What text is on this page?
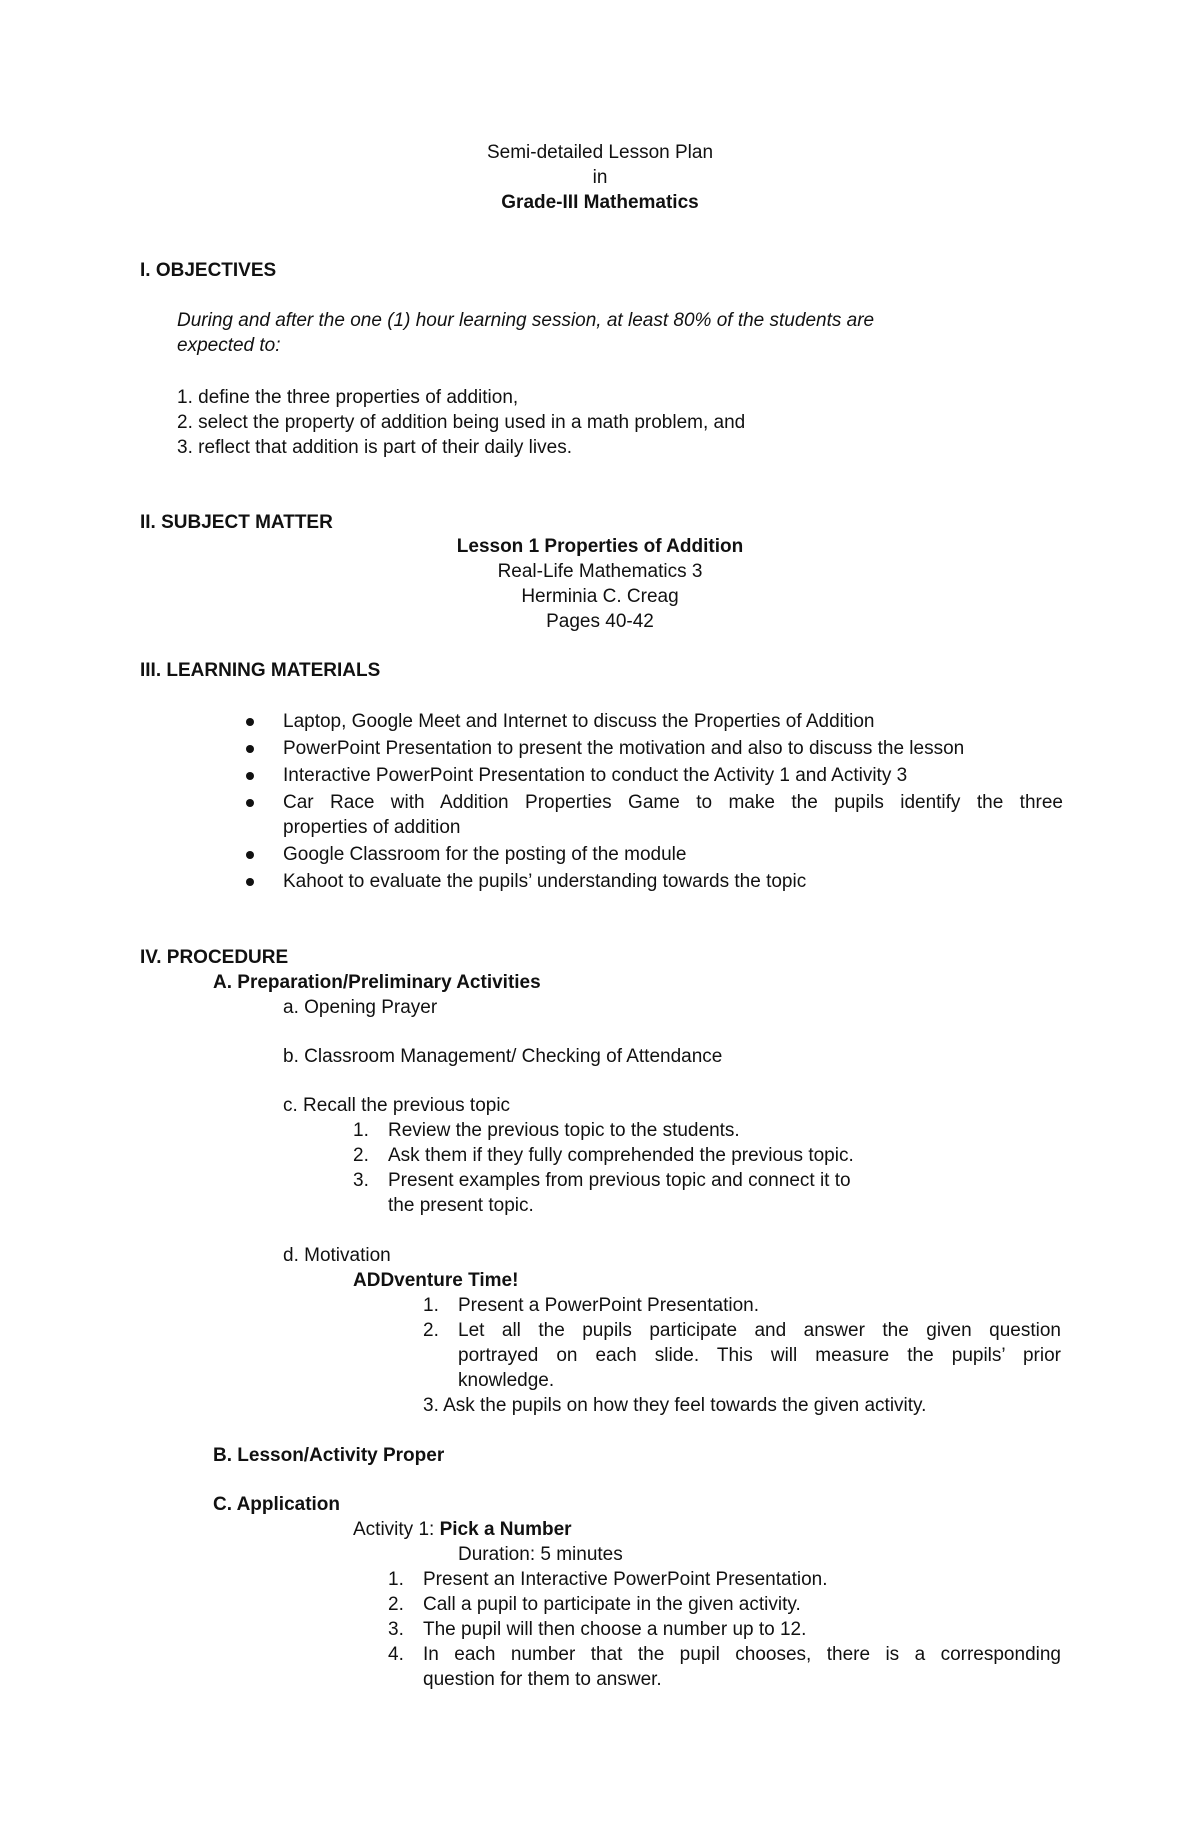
Semi-detailed Lesson Plan
in
Grade-III Mathematics
I. OBJECTIVES
During and after the one (1) hour learning session, at least 80% of the students are
expected to:
1. define the three properties of addition,
2. select the property of addition being used in a math problem, and
3. reflect that addition is part of their daily lives.
II. SUBJECT MATTER
Lesson 1 Properties of Addition
Real-Life Mathematics 3
Herminia C. Creag
Pages 40-42
III. LEARNING MATERIALS
Laptop, Google Meet and Internet to discuss the Properties of Addition
PowerPoint Presentation to present the motivation and also to discuss the lesson
Interactive PowerPoint Presentation to conduct the Activity 1 and Activity 3
Car Race with Addition Properties Game to make the pupils identify the three
properties of addition
Google Classroom for the posting of the module
Kahoot to evaluate the pupils’ understanding towards the topic
IV. PROCEDURE
A. Preparation/Preliminary Activities
a. Opening Prayer
b. Classroom Management/ Checking of Attendance
c. Recall the previous topic
1. Review the previous topic to the students.
2. Ask them if they fully comprehended the previous topic.
3. Present examples from previous topic and connect it to
the present topic.
d. Motivation
ADDventure Time!
1. Present a PowerPoint Presentation.
2. Let all the pupils participate and answer the given question
portrayed on each slide. This will measure the pupils’ prior
knowledge.
3. Ask the pupils on how they feel towards the given activity.
B. Lesson/Activity Proper
C. Application
Activity 1: Pick a Number
Duration: 5 minutes
1. Present an Interactive PowerPoint Presentation.
2. Call a pupil to participate in the given activity.
3. The pupil will then choose a number up to 12.
4. In each number that the pupil chooses, there is a corresponding
question for them to answer.
